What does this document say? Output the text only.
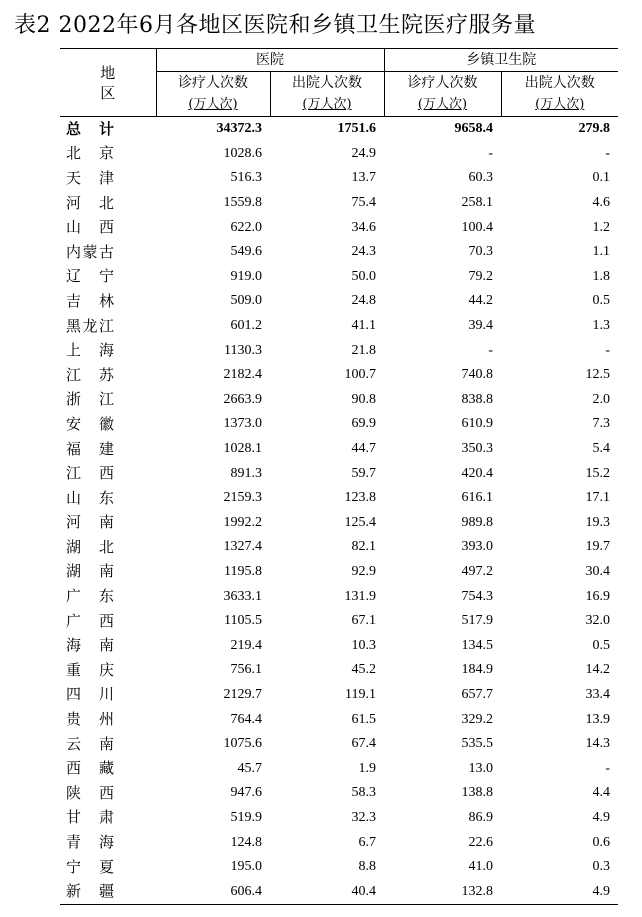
表2 2022年6月各地区医院和乡镇卫生院医疗服务量
地　区	医院		乡镇卫生院	
	诊疗人次数	出院人次数	诊疗人次数	出院人次数
	(万人次)	(万人次)	(万人次)	(万人次)

总 计	34372.3	1751.6	9658.4	279.8

北 京	1028.6	24.9	-	-

天 津	516.3	13.7	60.3	0.1

河 北	1559.8	75.4	258.1	4.6

山 西	622.0	34.6	100.4	1.2

内 蒙 古	549.6	24.3	70.3	1.1

辽 宁	919.0	50.0	79.2	1.8

吉 林	509.0	24.8	44.2	0.5

黑 龙 江	601.2	41.1	39.4	1.3

上 海	1130.3	21.8	-	-

江 苏	2182.4	100.7	740.8	12.5

浙 江	2663.9	90.8	838.8	2.0

安 徽	1373.0	69.9	610.9	7.3

福 建	1028.1	44.7	350.3	5.4

江 西	891.3	59.7	420.4	15.2

山 东	2159.3	123.8	616.1	17.1

河 南	1992.2	125.4	989.8	19.3

湖 北	1327.4	82.1	393.0	19.7

湖 南	1195.8	92.9	497.2	30.4

广 东	3633.1	131.9	754.3	16.9

广 西	1105.5	67.1	517.9	32.0

海 南	219.4	10.3	134.5	0.5

重 庆	756.1	45.2	184.9	14.2

四 川	2129.7	119.1	657.7	33.4

贵 州	764.4	61.5	329.2	13.9

云 南	1075.6	67.4	535.5	14.3

西 藏	45.7	1.9	13.0	-

陕 西	947.6	58.3	138.8	4.4

甘 肃	519.9	32.3	86.9	4.9

青 海	124.8	6.7	22.6	0.6

宁 夏	195.0	8.8	41.0	0.3

新 疆	606.4	40.4	132.8	4.9
